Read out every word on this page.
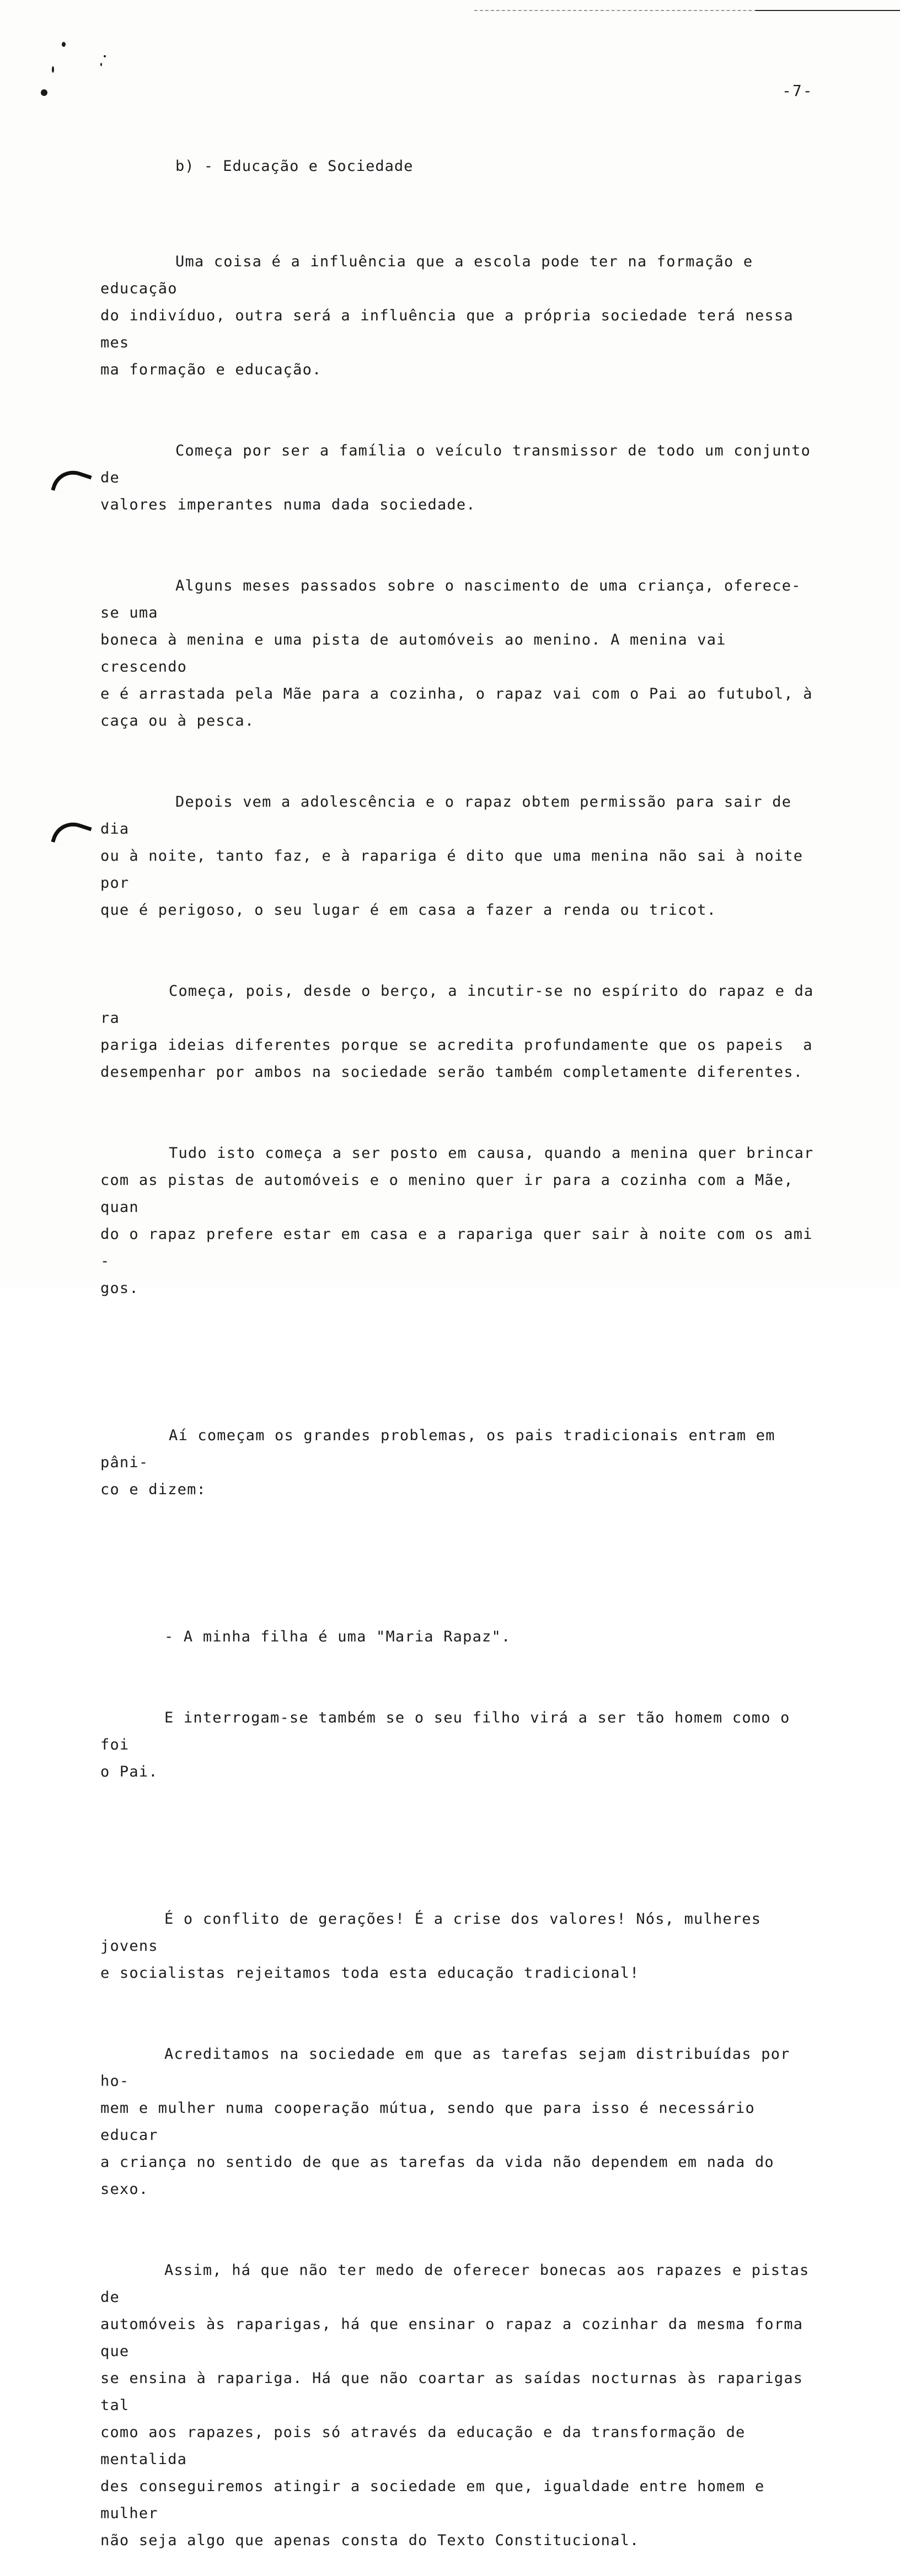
-7-
b) - Educação e Sociedade

Uma coisa é a influência que a escola pode ter na formação e educação
do indivíduo, outra será a influência que a própria sociedade terá nessa mes
ma formação e educação.

Começa por ser a família o veículo transmissor de todo um conjunto de
valores imperantes numa dada sociedade.

Alguns meses passados sobre o nascimento de uma criança, oferece-se uma
boneca à menina e uma pista de automóveis ao menino. A menina vai crescendo
e é arrastada pela Mãe para a cozinha, o rapaz vai com o Pai ao futubol, à
caça ou à pesca.

Depois vem a adolescência e o rapaz obtem permissão para sair de dia
ou à noite, tanto faz, e à rapariga é dito que uma menina não sai à noite por
que é perigoso, o seu lugar é em casa a fazer a renda ou tricot.

Começa, pois, desde o berço, a incutir-se no espírito do rapaz e da ra
pariga ideias diferentes porque se acredita profundamente que os papeis  a
desempenhar por ambos na sociedade serão também completamente diferentes.

Tudo isto começa a ser posto em causa, quando a menina quer brincar
com as pistas de automóveis e o menino quer ir para a cozinha com a Mãe, quan
do o rapaz prefere estar em casa e a rapariga quer sair à noite com os ami -
gos.

Aí começam os grandes problemas, os pais tradicionais entram em pâni-
co e dizem:

- A minha filha é uma "Maria Rapaz".

E interrogam-se também se o seu filho virá a ser tão homem como o foi
o Pai.

É o conflito de gerações! É a crise dos valores! Nós, mulheres jovens
e socialistas rejeitamos toda esta educação tradicional!

Acreditamos na sociedade em que as tarefas sejam distribuídas por ho-
mem e mulher numa cooperação mútua, sendo que para isso é necessário educar
a criança no sentido de que as tarefas da vida não dependem em nada do sexo.

Assim, há que não ter medo de oferecer bonecas aos rapazes e pistas de
automóveis às raparigas, há que ensinar o rapaz a cozinhar da mesma forma que
se ensina à rapariga. Há que não coartar as saídas nocturnas às raparigas tal
como aos rapazes, pois só através da educação e da transformação de mentalida
des conseguiremos atingir a sociedade em que, igualdade entre homem e mulher
não seja algo que apenas consta do Texto Constitucional.
